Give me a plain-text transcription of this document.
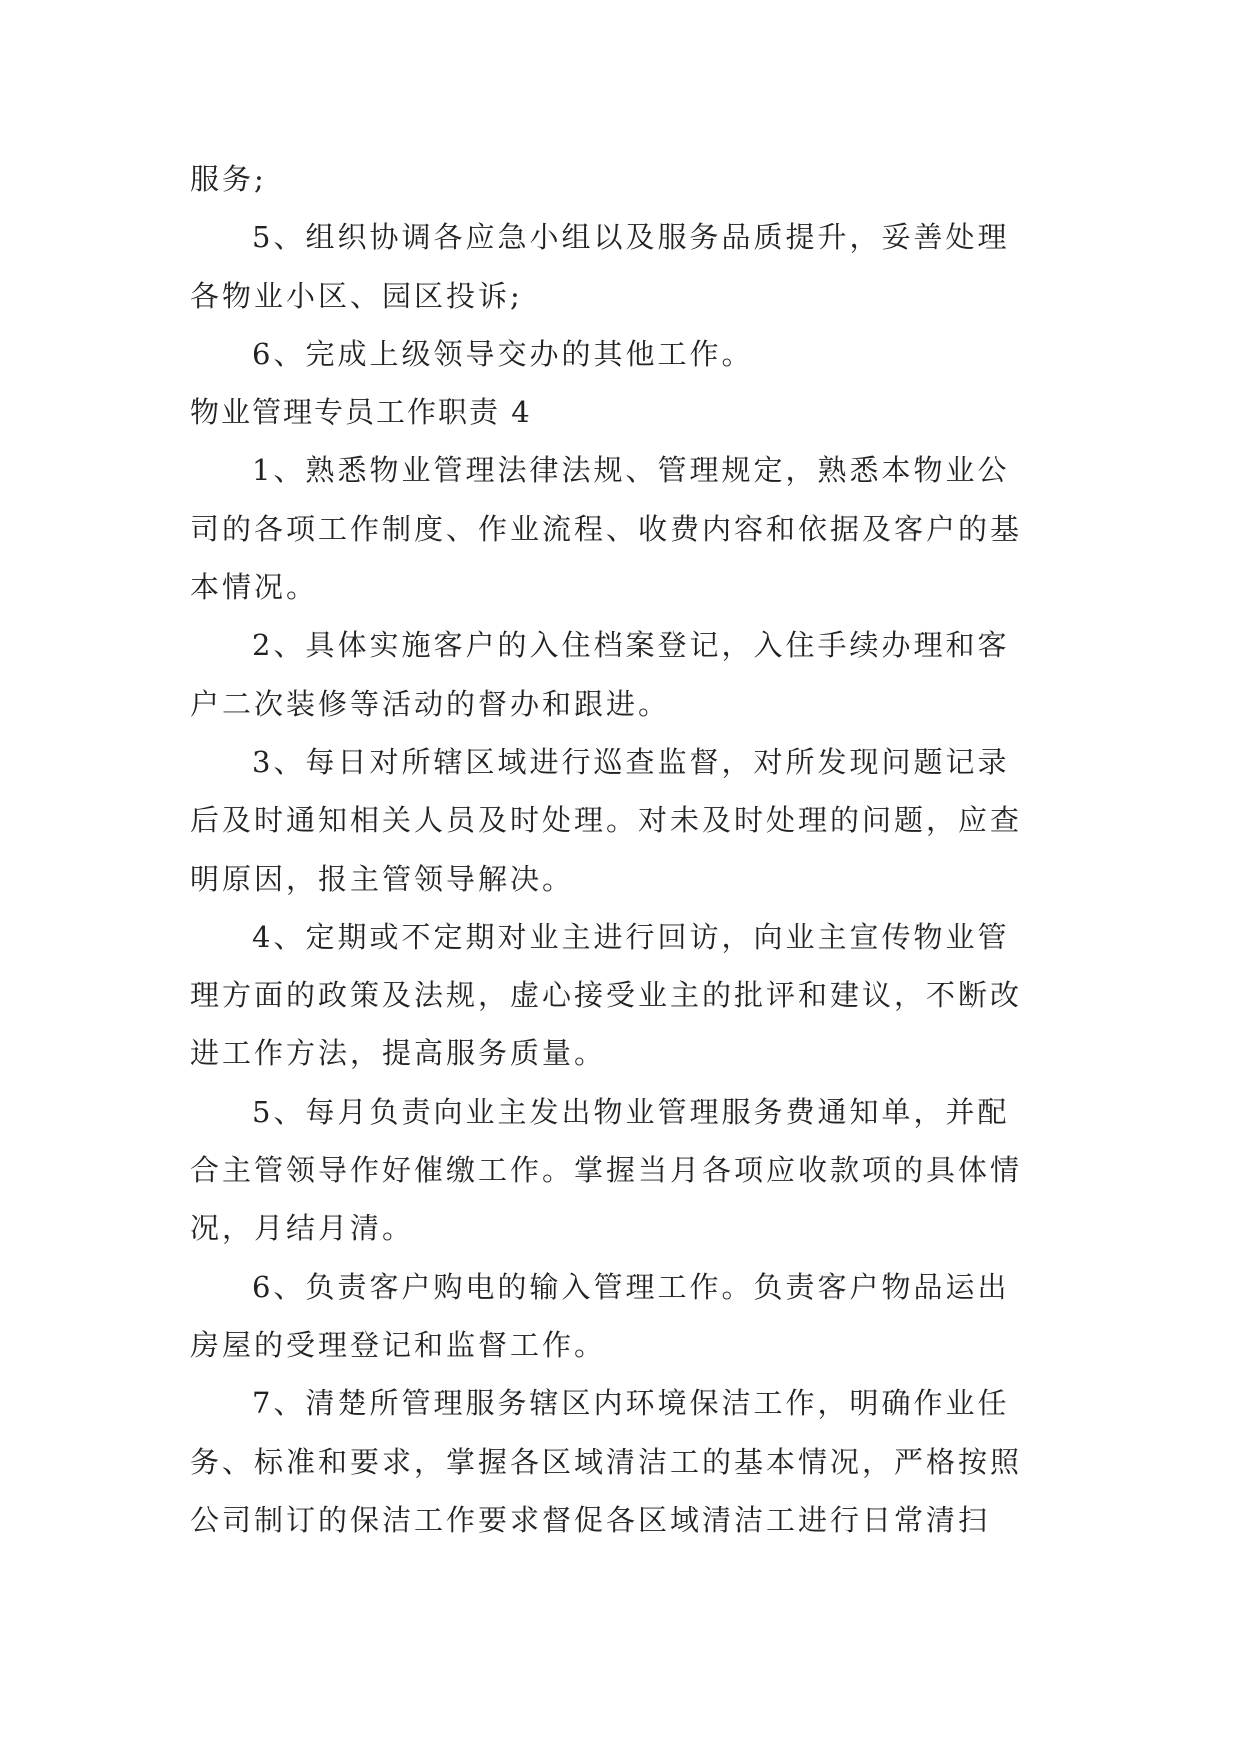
服务;
5、组织协调各应急小组以及服务品质提升，妥善处理
各物业小区、园区投诉;
6、完成上级领导交办的其他工作。
物业管理专员工作职责 4
1、熟悉物业管理法律法规、管理规定，熟悉本物业公
司的各项工作制度、作业流程、收费内容和依据及客户的基
本情况。
2、具体实施客户的入住档案登记，入住手续办理和客
户二次装修等活动的督办和跟进。
3、每日对所辖区域进行巡查监督，对所发现问题记录
后及时通知相关人员及时处理。对未及时处理的问题，应查
明原因，报主管领导解决。
4、定期或不定期对业主进行回访，向业主宣传物业管
理方面的政策及法规，虚心接受业主的批评和建议，不断改
进工作方法，提高服务质量。
5、每月负责向业主发出物业管理服务费通知单，并配
合主管领导作好催缴工作。掌握当月各项应收款项的具体情
况，月结月清。
6、负责客户购电的输入管理工作。负责客户物品运出
房屋的受理登记和监督工作。
7、清楚所管理服务辖区内环境保洁工作，明确作业任
务、标准和要求，掌握各区域清洁工的基本情况，严格按照
公司制订的保洁工作要求督促各区域清洁工进行日常清扫
